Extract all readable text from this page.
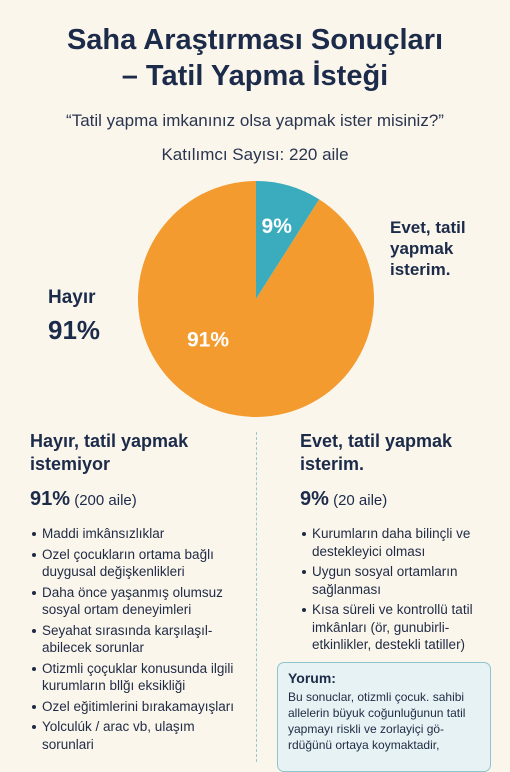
Saha Araştırması Sonuçları
– Tatil Yapma İsteği
“Tatil yapma imkanınız olsa yapmak ister misiniz?”
Katılımcı Sayısı: 220 aile
9%
91%
Evet, tatil yapmak isterim.
Hayır
91%
Hayır, tatil yapmak istemiyor
91% (200 aile)
Maddi imkânsızlıklar
Ozel çocukların ortama bağlı duygusal değişkenlikleri
Daha önce yaşanmış olumsuz sosyal ortam deneyimleri
Seyahat sırasında karşılaşıl-abilecek sorunlar
Otizmli çoçuklar konusunda ilgili kurumların bllğı eksikliği
Ozel eğitimlerini bırakamayışları
Yolculúk / arac vb, ulaşım sorunlari
Evet, tatil yapmak isterim.
9% (20 aile)
Kurumların daha bilinçli ve destekleyici olması
Uygun sosyal ortamların sağlanması
Kısa süreli ve kontrollü tatil imkânları (ör, gunubirli-etkinlikler, destekli tatiller)
Yorum:
Bu sonuclar, otizmli çocuk. sahibi allelerin büyuk coğunluğunun tatil yapmayı riskli ve zorlayiçi gö-rdüğünü ortaya koymaktadir,
